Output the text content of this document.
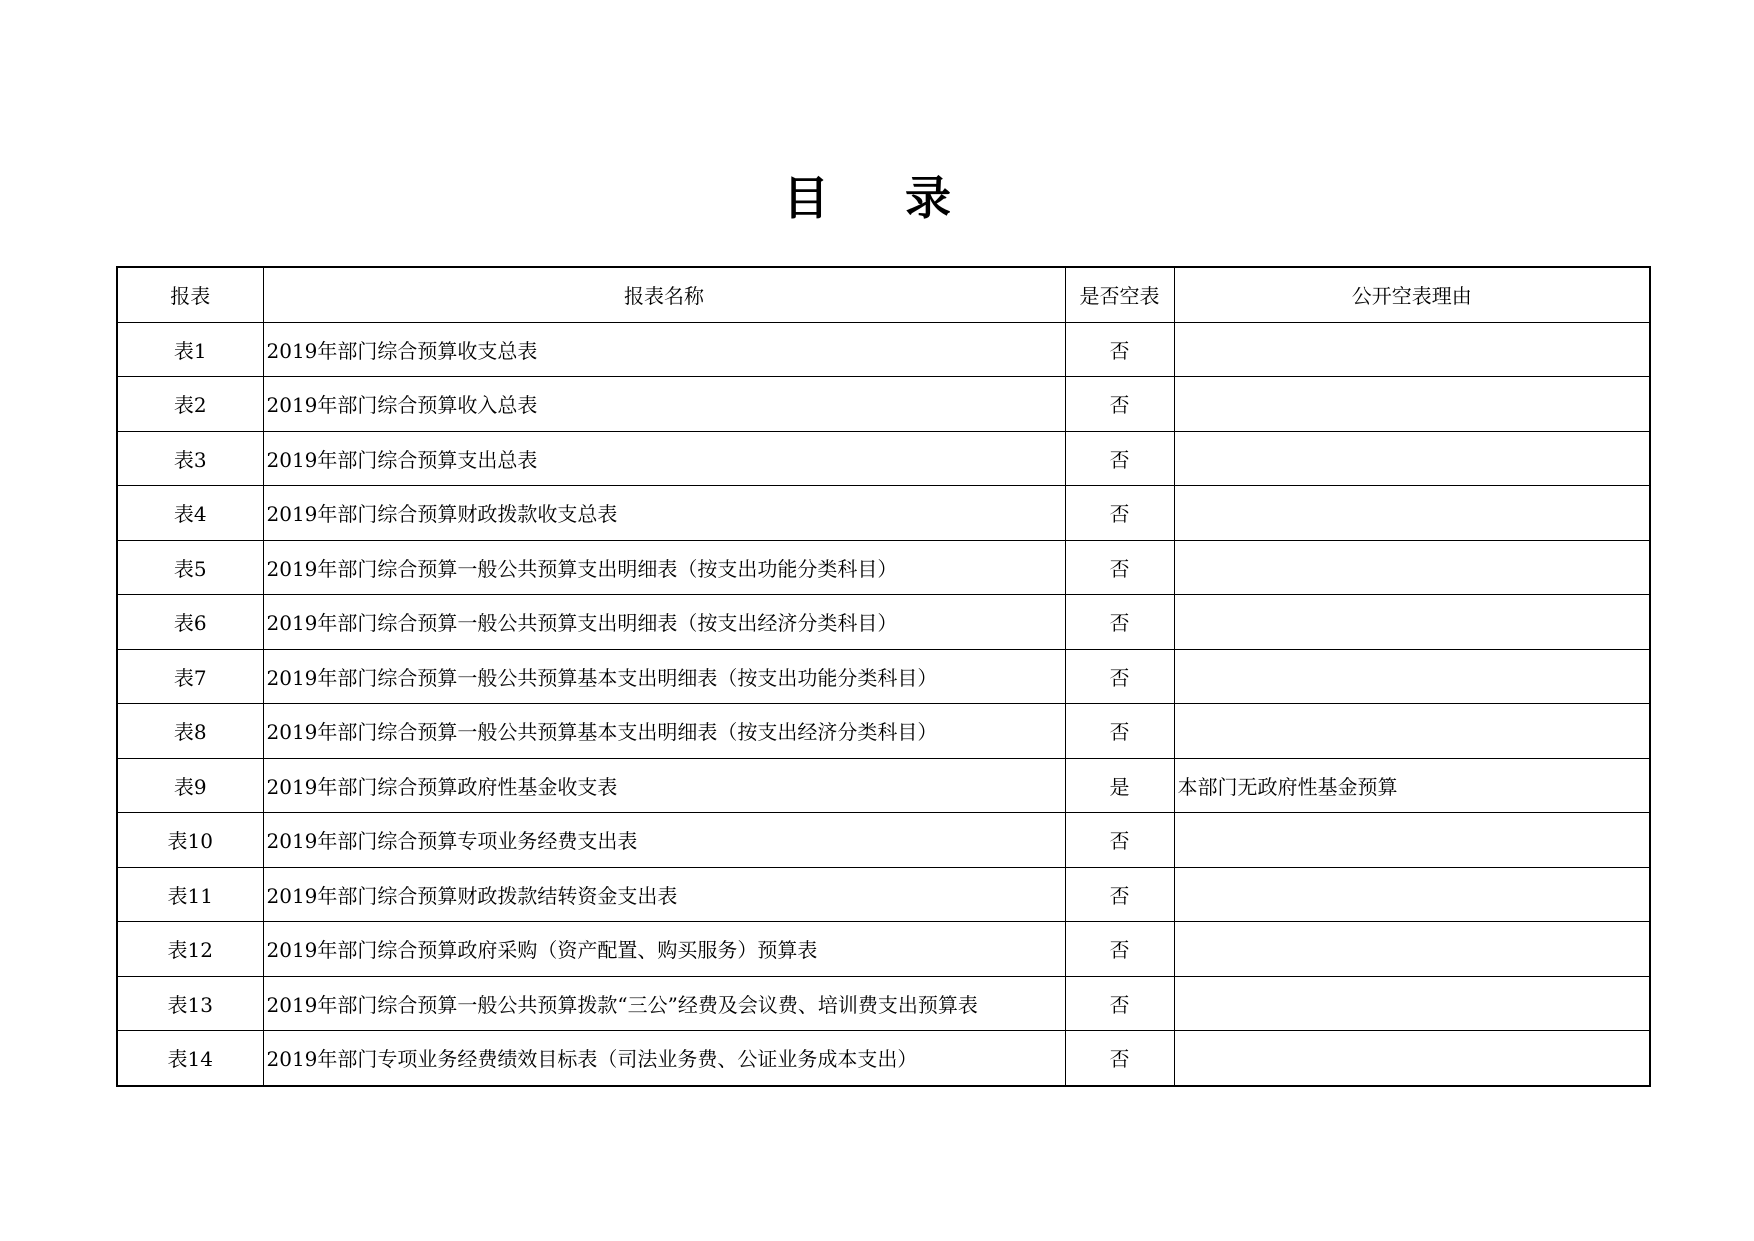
目 录
报表	报表名称	是否空表	公开空表理由
表1	2019年部门综合预算收支总表	否	
表2	2019年部门综合预算收入总表	否	
表3	2019年部门综合预算支出总表	否	
表4	2019年部门综合预算财政拨款收支总表	否	
表5	2019年部门综合预算一般公共预算支出明细表（按支出功能分类科目）	否	
表6	2019年部门综合预算一般公共预算支出明细表（按支出经济分类科目）	否	
表7	2019年部门综合预算一般公共预算基本支出明细表（按支出功能分类科目）	否	
表8	2019年部门综合预算一般公共预算基本支出明细表（按支出经济分类科目）	否	
表9	2019年部门综合预算政府性基金收支表	是	本部门无政府性基金预算
表10	2019年部门综合预算专项业务经费支出表	否	
表11	2019年部门综合预算财政拨款结转资金支出表	否	
表12	2019年部门综合预算政府采购（资产配置、购买服务）预算表	否	
表13	2019年部门综合预算一般公共预算拨款“三公”经费及会议费、培训费支出预算表	否	
表14	2019年部门专项业务经费绩效目标表（司法业务费、公证业务成本支出）	否	
